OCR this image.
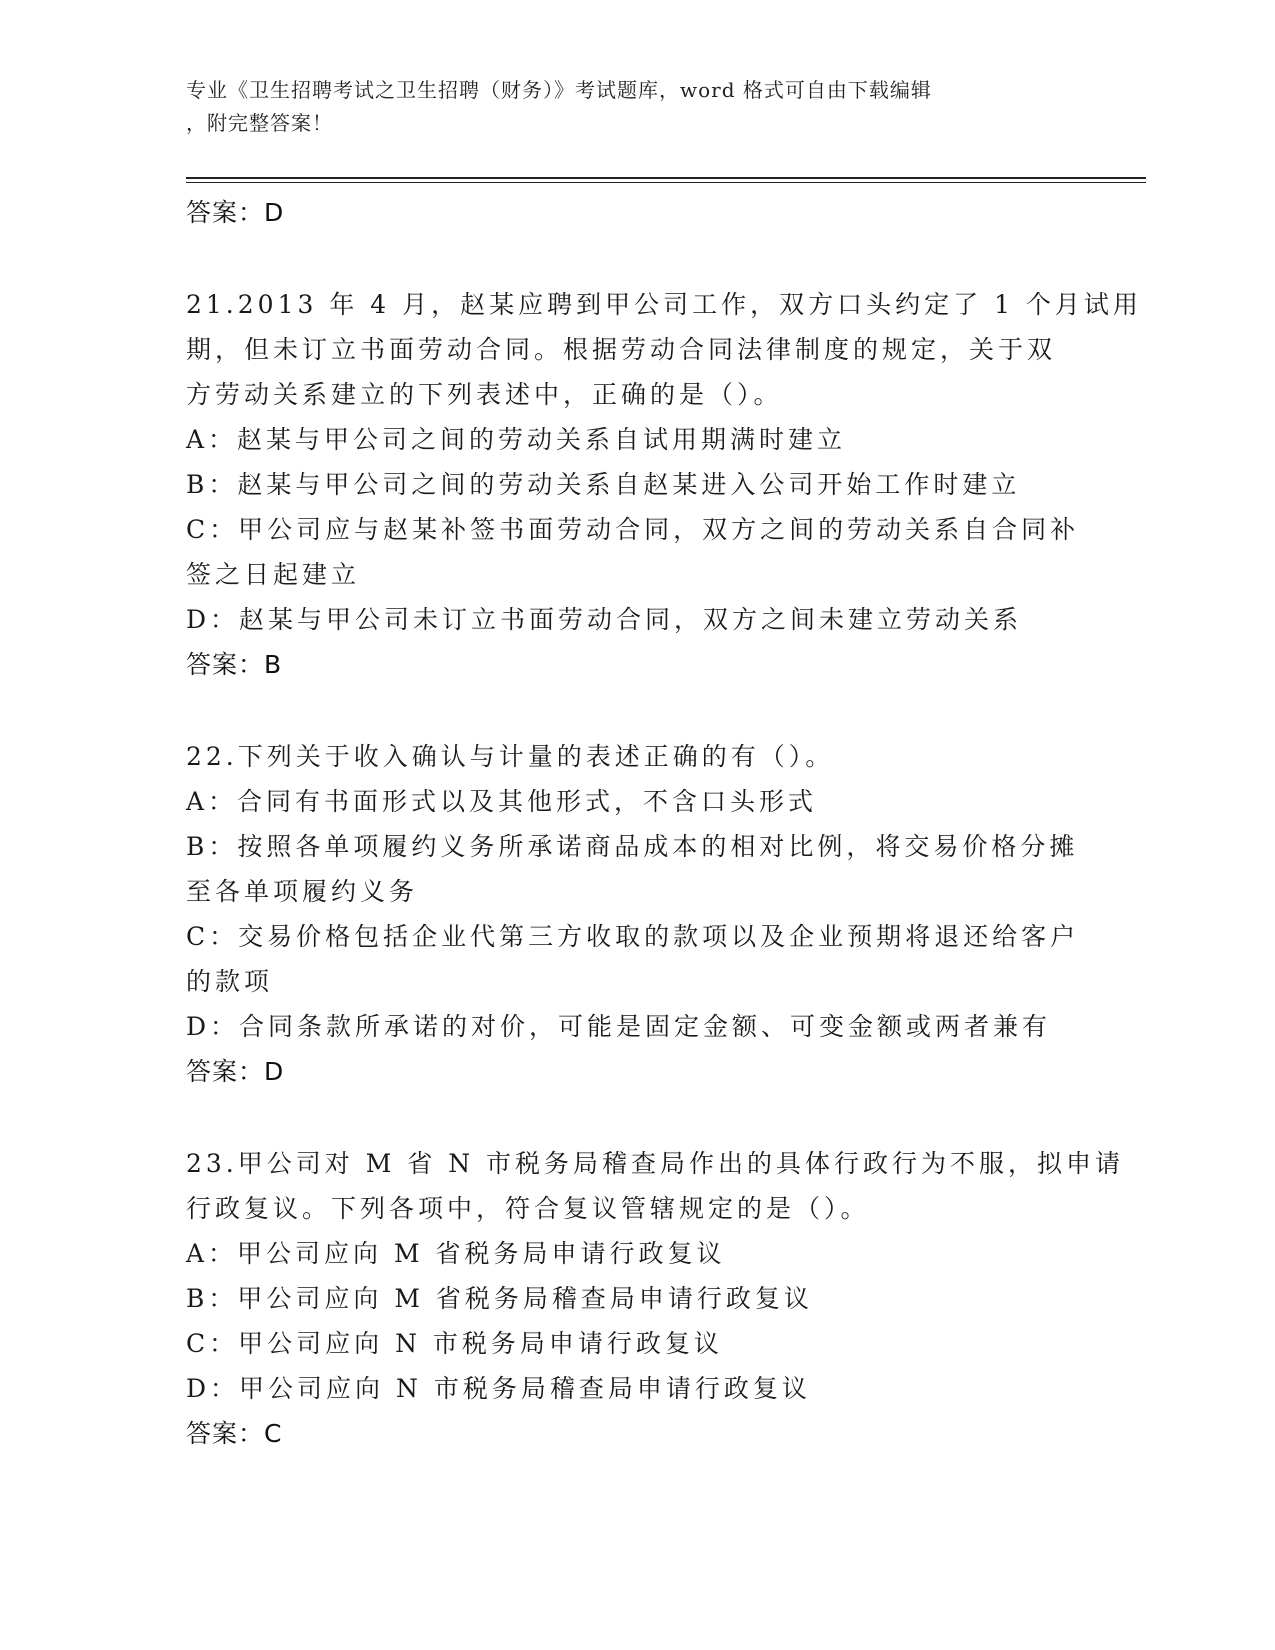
专业《卫生招聘考试之卫生招聘（财务）》考试题库，word 格式可自由下载编辑
，附完整答案！

答案：D

21.2013 年 4 月，赵某应聘到甲公司工作，双方口头约定了 1 个月试用

期，但未订立书面劳动合同。根据劳动合同法律制度的规定，关于双

方劳动关系建立的下列表述中，正确的是（）。

A：赵某与甲公司之间的劳动关系自试用期满时建立

B：赵某与甲公司之间的劳动关系自赵某进入公司开始工作时建立

C：甲公司应与赵某补签书面劳动合同，双方之间的劳动关系自合同补

签之日起建立

D：赵某与甲公司未订立书面劳动合同，双方之间未建立劳动关系

答案：B

22.下列关于收入确认与计量的表述正确的有（）。

A：合同有书面形式以及其他形式，不含口头形式

B：按照各单项履约义务所承诺商品成本的相对比例，将交易价格分摊

至各单项履约义务

C：交易价格包括企业代第三方收取的款项以及企业预期将退还给客户

的款项

D：合同条款所承诺的对价，可能是固定金额、可变金额或两者兼有

答案：D

23.甲公司对 M 省 N 市税务局稽查局作出的具体行政行为不服，拟申请

行政复议。下列各项中，符合复议管辖规定的是（）。

A：甲公司应向 M 省税务局申请行政复议

B：甲公司应向 M 省税务局稽查局申请行政复议

C：甲公司应向 N 市税务局申请行政复议

D：甲公司应向 N 市税务局稽查局申请行政复议

答案：C
